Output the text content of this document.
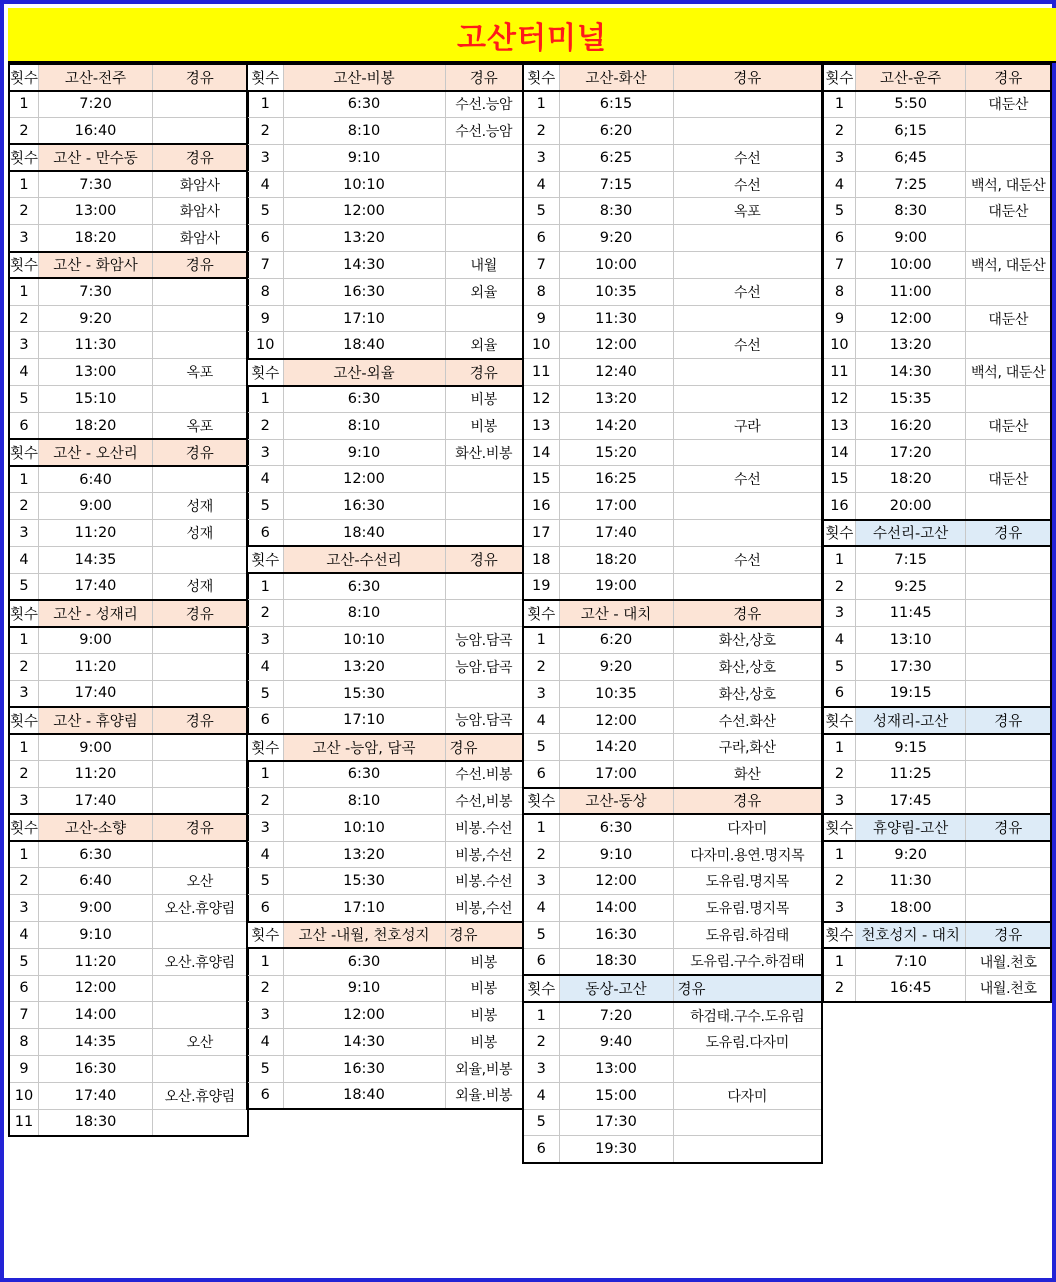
고산터미널
횟수	고산-전주	경유
1	7:20	
2	16:40	
횟수	고산 - 만수동	경유
1	7:30	화암사
2	13:00	화암사
3	18:20	화암사
횟수	고산 - 화암사	경유
1	7:30	
2	9:20	
3	11:30	
4	13:00	옥포
5	15:10	
6	18:20	옥포
횟수	고산 - 오산리	경유
1	6:40	
2	9:00	성재
3	11:20	성재
4	14:35	
5	17:40	성재
횟수	고산 - 성재리	경유
1	9:00	
2	11:20	
3	17:40	
횟수	고산 - 휴양림	경유
1	9:00	
2	11:20	
3	17:40	
횟수	고산-소향	경유
1	6:30	
2	6:40	오산
3	9:00	오산.휴양림
4	9:10	
5	11:20	오산.휴양림
6	12:00	
7	14:00	
8	14:35	오산
9	16:30	
10	17:40	오산.휴양림
11	18:30	
횟수	고산-비봉	경유
1	6:30	수선.능암
2	8:10	수선.능암
3	9:10	
4	10:10	
5	12:00	
6	13:20	
7	14:30	내월
8	16:30	외율
9	17:10	
10	18:40	외율
횟수	고산-외율	경유
1	6:30	비봉
2	8:10	비봉
3	9:10	화산.비봉
4	12:00	
5	16:30	
6	18:40	
횟수	고산-수선리	경유
1	6:30	
2	8:10	
3	10:10	능암.담곡
4	13:20	능암.담곡
5	15:30	
6	17:10	능암.담곡
횟수	고산 -능암, 담곡	경유
1	6:30	수선.비봉
2	8:10	수선,비봉
3	10:10	비봉.수선
4	13:20	비봉,수선
5	15:30	비봉.수선
6	17:10	비봉,수선
횟수	고산 -내월, 천호성지	경유
1	6:30	비봉
2	9:10	비봉
3	12:00	비봉
4	14:30	비봉
5	16:30	외율,비봉
6	18:40	외율.비봉
횟수	고산-화산	경유
1	6:15	
2	6:20	
3	6:25	수선
4	7:15	수선
5	8:30	옥포
6	9:20	
7	10:00	
8	10:35	수선
9	11:30	
10	12:00	수선
11	12:40	
12	13:20	
13	14:20	구라
14	15:20	
15	16:25	수선
16	17:00	
17	17:40	
18	18:20	수선
19	19:00	
횟수	고산 - 대치	경유
1	6:20	화산,상호
2	9:20	화산,상호
3	10:35	화산,상호
4	12:00	수선.화산
5	14:20	구라,화산
6	17:00	화산
횟수	고산-동상	경유
1	6:30	다자미
2	9:10	다자미.용연.명지목
3	12:00	도유림.명지목
4	14:00	도유림.명지목
5	16:30	도유림.하검태
6	18:30	도유림.구수.하검태
횟수	동상-고산	경유
1	7:20	하검태.구수.도유림
2	9:40	도유림.다자미
3	13:00	
4	15:00	다자미
5	17:30	
6	19:30	
횟수	고산-운주	경유
1	5:50	대둔산
2	6;15	
3	6;45	
4	7:25	백석, 대둔산
5	8:30	대둔산
6	9:00	
7	10:00	백석, 대둔산
8	11:00	
9	12:00	대둔산
10	13:20	
11	14:30	백석, 대둔산
12	15:35	
13	16:20	대둔산
14	17:20	
15	18:20	대둔산
16	20:00	
횟수	수선리-고산	경유
1	7:15	
2	9:25	
3	11:45	
4	13:10	
5	17:30	
6	19:15	
횟수	성재리-고산	경유
1	9:15	
2	11:25	
3	17:45	
횟수	휴양림-고산	경유
1	9:20	
2	11:30	
3	18:00	
횟수	천호성지 - 대치	경유
1	7:10	내월.천호
2	16:45	내월.천호
